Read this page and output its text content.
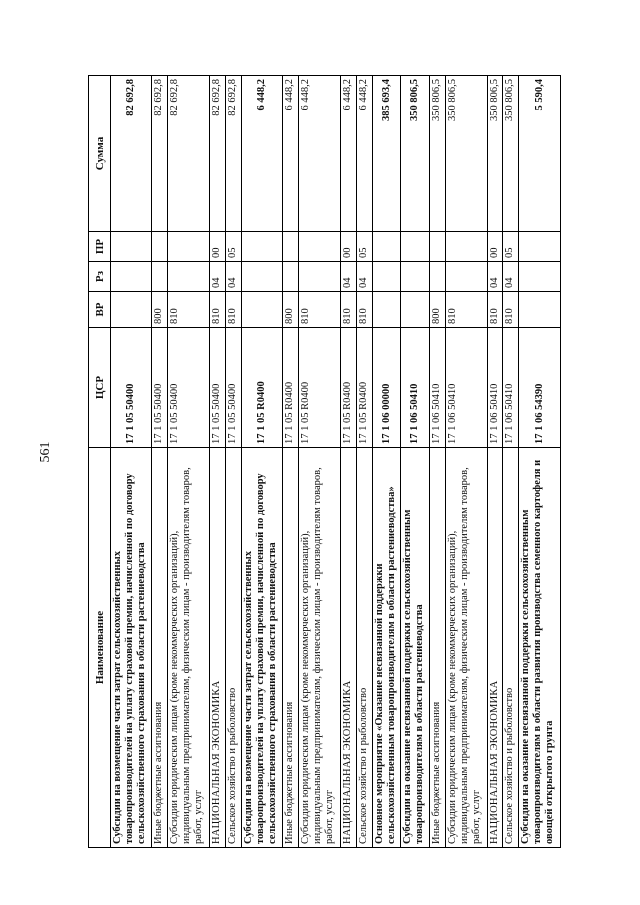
561
Наименование	ЦСР	ВР	Рз	ПР	Сумма
Субсидии на возмещение части затрат сельскохозяйственных товаропроизводителей на уплату страховой премии, начисленной по договору сельскохозяйственного страхования в области растениеводства	17 1 05 50400				82 692,8
Иные бюджетные ассигнования	17 1 05 50400	800			82 692,8
Субсидии юридическим лицам (кроме некоммерческих организаций), индивидуальным предпринимателям, физическим лицам - производителям товаров, работ, услуг	17 1 05 50400	810			82 692,8
НАЦИОНАЛЬНАЯ ЭКОНОМИКА	17 1 05 50400	810	04	00	82 692,8
Сельское хозяйство и рыболовство	17 1 05 50400	810	04	05	82 692,8
Субсидии на возмещение части затрат сельскохозяйственных товаропроизводителей на уплату страховой премии, начисленной по договору сельскохозяйственного страхования в области растениеводства	17 1 05 R0400				6 448,2
Иные бюджетные ассигнования	17 1 05 R0400	800			6 448,2
Субсидии юридическим лицам (кроме некоммерческих организаций), индивидуальным предпринимателям, физическим лицам - производителям товаров, работ, услуг	17 1 05 R0400	810			6 448,2
НАЦИОНАЛЬНАЯ ЭКОНОМИКА	17 1 05 R0400	810	04	00	6 448,2
Сельское хозяйство и рыболовство	17 1 05 R0400	810	04	05	6 448,2
Основное мероприятие «Оказание несвязанной поддержки сельскохозяйственным товаропроизводителям в области растениеводства»	17 1 06 00000				385 693,4
Субсидии на оказание несвязанной поддержки сельскохозяйственным товаропроизводителям в области растениеводства	17 1 06 50410				350 806,5
Иные бюджетные ассигнования	17 1 06 50410	800			350 806,5
Субсидии юридическим лицам (кроме некоммерческих организаций), индивидуальным предпринимателям, физическим лицам - производителям товаров, работ, услуг	17 1 06 50410	810			350 806,5
НАЦИОНАЛЬНАЯ ЭКОНОМИКА	17 1 06 50410	810	04	00	350 806,5
Сельское хозяйство и рыболовство	17 1 06 50410	810	04	05	350 806,5
Субсидии на оказание несвязанной поддержки сельскохозяйственным товаропроизводителям в области развития производства семенного картофеля и овощей открытого грунта	17 1 06 54390				5 590,4
